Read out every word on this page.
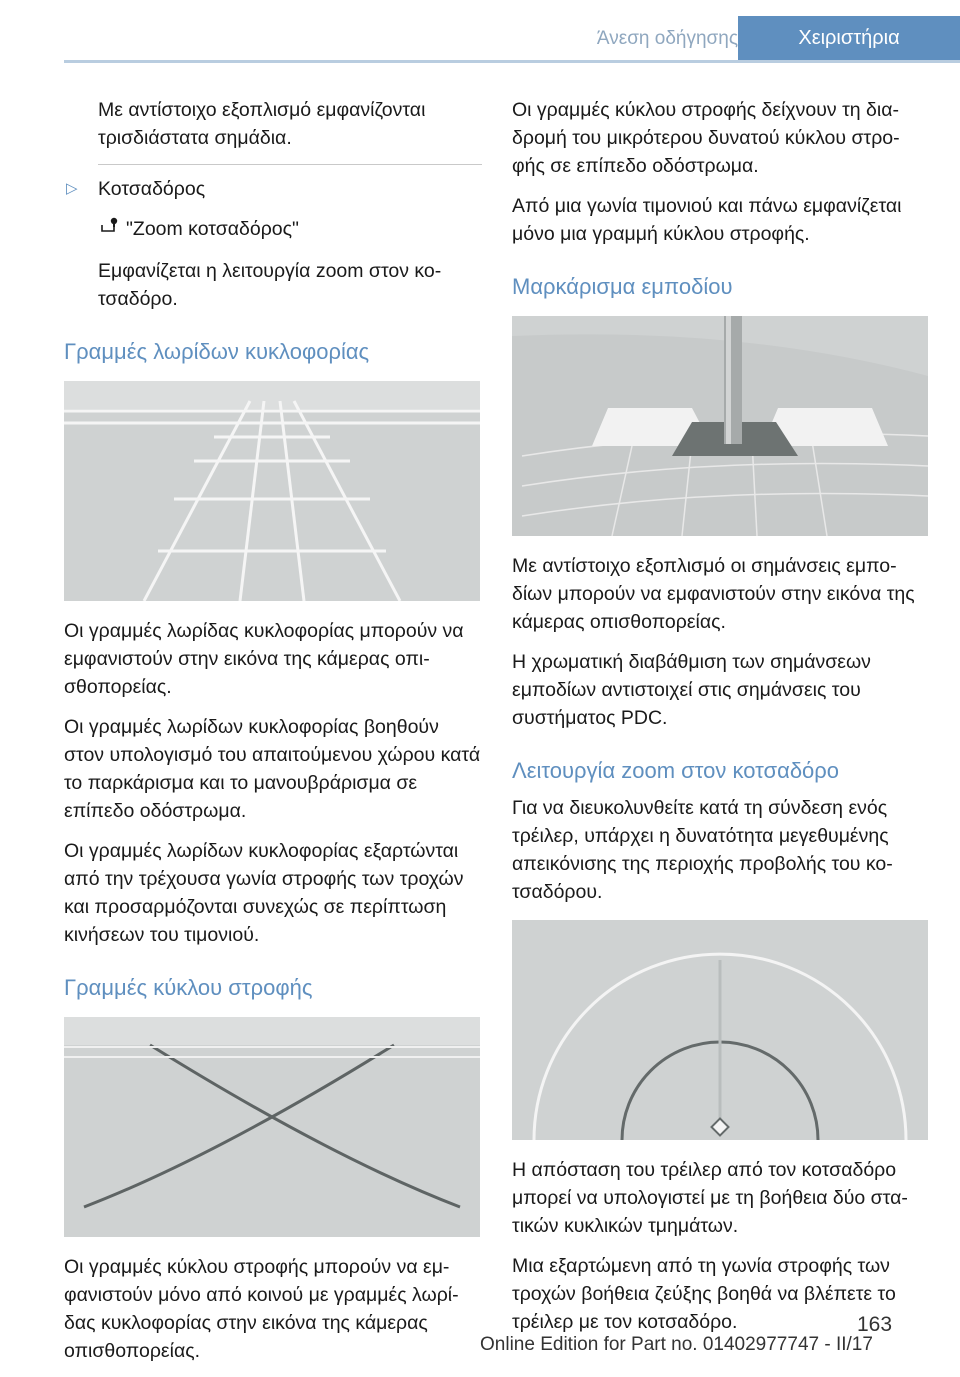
Άνεση οδήγησης	Χειριστήρια

Με αντίστοιχο εξοπλισμό εμφανίζονται τρισδιάστατα σημάδια.

▷ Κοτσαδόρος

"Zoom κοτσαδόρος"

Εμφανίζεται η λειτουργία zoom στον κο-τσαδόρο.

Γραμμές λωρίδων κυκλοφορίας

Οι γραμμές λωρίδας κυκλοφορίας μπορούν να εμφανιστούν στην εικόνα της κάμερας οπι-σθοπορείας.

Οι γραμμές λωρίδων κυκλοφορίας βοηθούν στον υπολογισμό του απαιτούμενου χώρου κατά το παρκάρισμα και το μανουβράρισμα σε επίπεδο οδόστρωμα.

Οι γραμμές λωρίδων κυκλοφορίας εξαρτώνται από την τρέχουσα γωνία στροφής των τροχών και προσαρμόζονται συνεχώς σε περίπτωση κινήσεων του τιμονιού.

Γραμμές κύκλου στροφής

Οι γραμμές κύκλου στροφής μπορούν να εμ-φανιστούν μόνο από κοινού με γραμμές λωρί-δας κυκλοφορίας στην εικόνα της κάμερας οπισθοπορείας.

Οι γραμμές κύκλου στροφής δείχνουν τη δια-δρομή του μικρότερου δυνατού κύκλου στρο-φής σε επίπεδο οδόστρωμα.

Από μια γωνία τιμονιού και πάνω εμφανίζεται μόνο μια γραμμή κύκλου στροφής.

Μαρκάρισμα εμποδίου

Με αντίστοιχο εξοπλισμό οι σημάνσεις εμπο-δίων μπορούν να εμφανιστούν στην εικόνα της κάμερας οπισθοπορείας.

Η χρωματική διαβάθμιση των σημάνσεων εμποδίων αντιστοιχεί στις σημάνσεις του συστήματος PDC.

Λειτουργία zoom στον κοτσαδόρο

Για να διευκολυνθείτε κατά τη σύνδεση ενός τρέιλερ, υπάρχει η δυνατότητα μεγεθυμένης απεικόνισης της περιοχής προβολής του κο-τσαδόρου.

Η απόσταση του τρέιλερ από τον κοτσαδόρο μπορεί να υπολογιστεί με τη βοήθεια δύο στα-τικών κυκλικών τμημάτων.

Μια εξαρτώμενη από τη γωνία στροφής των τροχών βοήθεια ζεύξης βοηθά να βλέπετε το τρέιλερ με τον κοτσαδόρο.	163
Online Edition for Part no. 01402977747 - II/17
